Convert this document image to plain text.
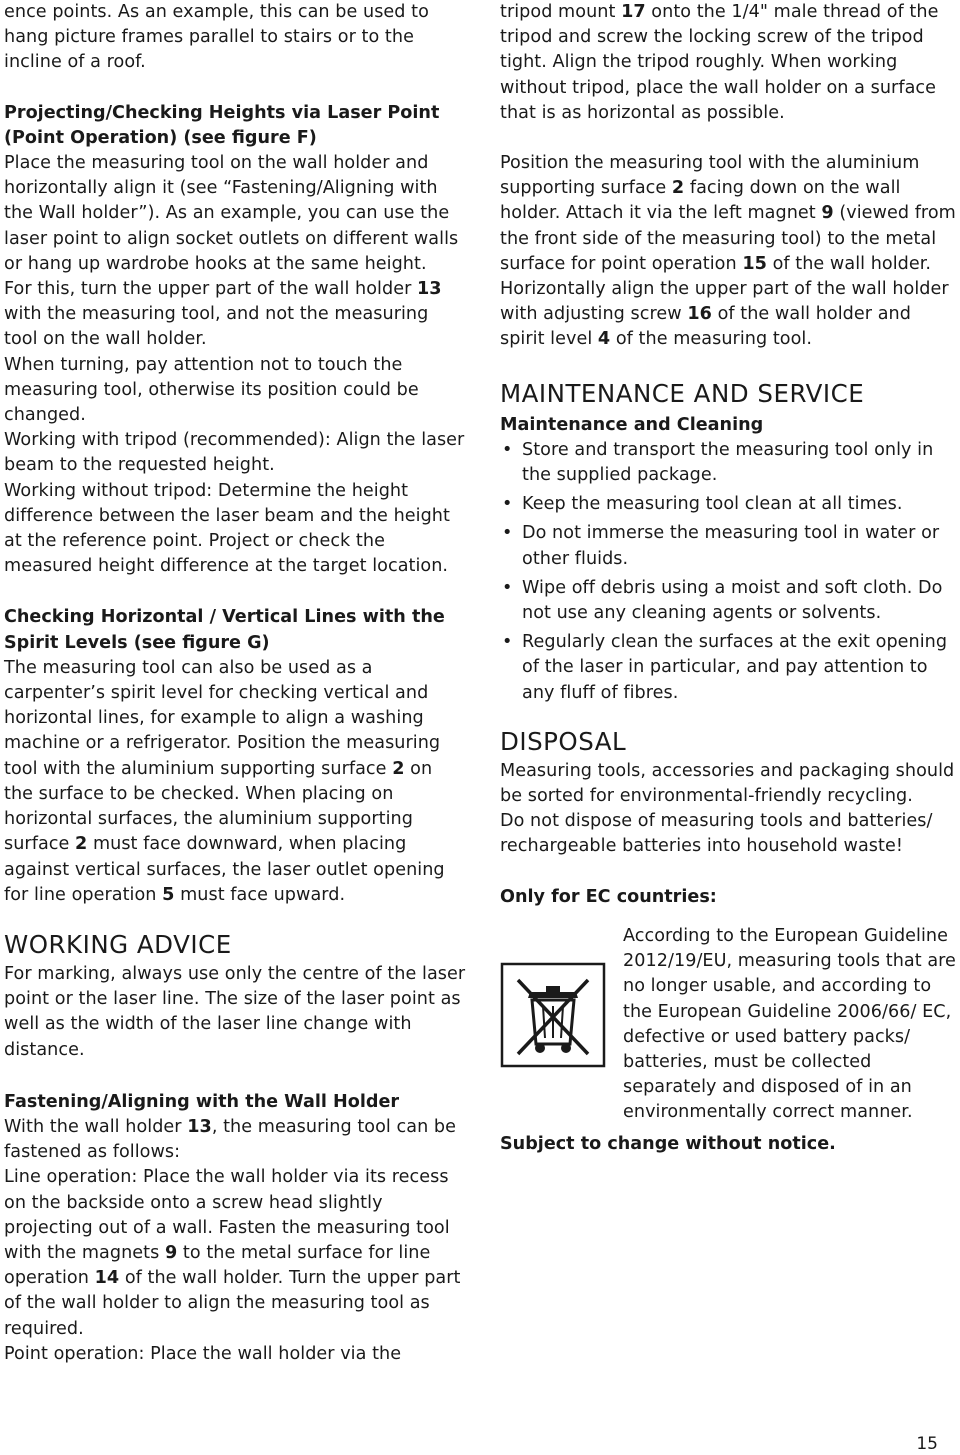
ence points. As an example, this can be used to hang picture frames parallel to stairs or to the incline of a roof.

Projecting/Checking Heights via Laser Point (Point Operation) (see figure F)

Place the measuring tool on the wall holder and horizontally align it (see “Fastening/Aligning with the Wall holder”). As an example, you can use the laser point to align socket outlets on different walls or hang up wardrobe hooks at the same height.

For this, turn the upper part of the wall holder 13 with the measuring tool, and not the measuring tool on the wall holder.

When turning, pay attention not to touch the measuring tool, otherwise its position could be changed.

Working with tripod (recommended): Align the laser beam to the requested height.

Working without tripod: Determine the height difference between the laser beam and the height at the reference point. Project or check the measured height difference at the target location.

Checking Horizontal / Vertical Lines with the Spirit Levels (see figure G)

The measuring tool can also be used as a carpenter’s spirit level for checking vertical and horizontal lines, for example to align a washing machine or a refrigerator. Position the measuring tool with the aluminium supporting surface 2 on the surface to be checked. When placing on horizontal surfaces, the aluminium supporting surface 2 must face downward, when placing against vertical surfaces, the laser outlet opening for line operation 5 must face upward.

WORKING ADVICE

For marking, always use only the centre of the laser point or the laser line. The size of the laser point as well as the width of the laser line change with distance.

Fastening/Aligning with the Wall Holder

With the wall holder 13, the measuring tool can be fastened as follows:

Line operation: Place the wall holder via its recess on the backside onto a screw head slightly projecting out of a wall. Fasten the measuring tool with the magnets 9 to the metal surface for line operation 14 of the wall holder. Turn the upper part of the wall holder to align the measuring tool as required.

Point operation: Place the wall holder via the

tripod mount 17 onto the 1/4" male thread of the tripod and screw the locking screw of the tripod tight. Align the tripod roughly. When working without tripod, place the wall holder on a surface that is as horizontal as possible.

Position the measuring tool with the aluminium supporting surface 2 facing down on the wall holder. Attach it via the left magnet 9 (viewed from the front side of the measuring tool) to the metal surface for point operation 15 of the wall holder.

Horizontally align the upper part of the wall holder with adjusting screw 16 of the wall holder and spirit level 4 of the measuring tool.

MAINTENANCE AND SERVICE
Maintenance and Cleaning
• Store and transport the measuring tool only in the supplied package.
• Keep the measuring tool clean at all times.
• Do not immerse the measuring tool in water or other fluids.
• Wipe off debris using a moist and soft cloth. Do not use any cleaning agents or solvents.
• Regularly clean the surfaces at the exit opening of the laser in particular, and pay attention to any fluff of fibres.
DISPOSAL

Measuring tools, accessories and packaging should be sorted for environmental-friendly recycling.

Do not dispose of measuring tools and batteries/ rechargeable batteries into household waste!

Only for EC countries:

According to the European Guideline 2012/19/EU, measuring tools that are no longer usable, and according to the European Guideline 2006/66/ EC, defective or used battery packs/ batteries, must be collected separately and disposed of in an environmentally correct manner.

Subject to change without notice.
15
